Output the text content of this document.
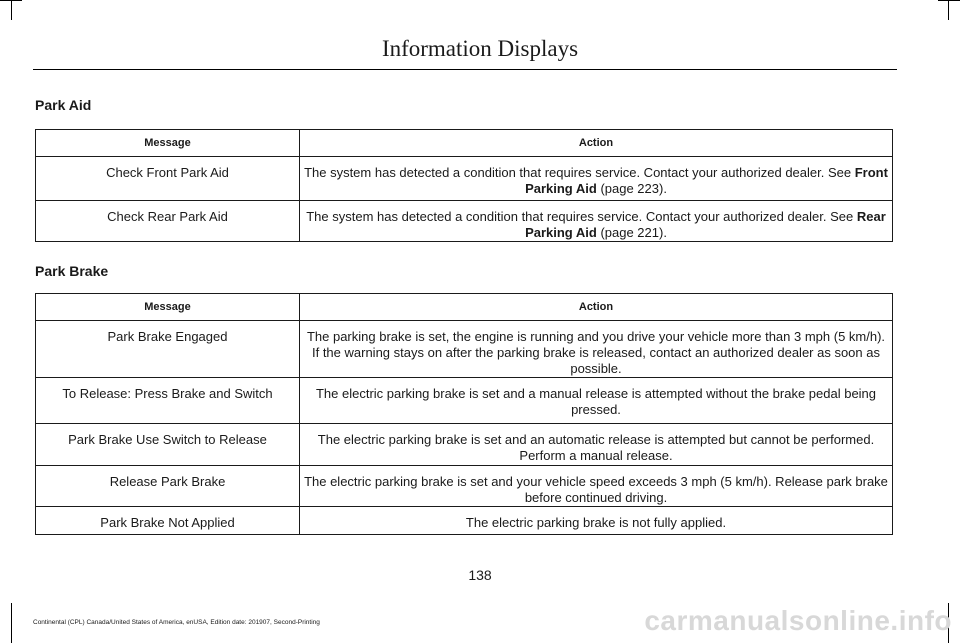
Information Displays
Park Aid
Message	Action
Check Front Park Aid	The system has detected a condition that requires service. Contact your authorized dealer. See Front Parking Aid (page 223).
Check Rear Park Aid	The system has detected a condition that requires service. Contact your authorized dealer. See Rear Parking Aid (page 221).
Park Brake
Message	Action
Park Brake Engaged	The parking brake is set, the engine is running and you drive your vehicle more than 3 mph (5 km/h). If the warning stays on after the parking brake is released, contact an authorized dealer as soon as possible.
To Release: Press Brake and Switch	The electric parking brake is set and a manual release is attempted without the brake pedal being pressed.
Park Brake Use Switch to Release	The electric parking brake is set and an automatic release is attempted but cannot be performed. Perform a manual release.
Release Park Brake	The electric parking brake is set and your vehicle speed exceeds 3 mph (5 km/h). Release park brake before continued driving.
Park Brake Not Applied	The electric parking brake is not fully applied.
138
Continental (CPL) Canada/United States of America, enUSA, Edition date: 201907, Second-Printing	carmanualsonline.info
